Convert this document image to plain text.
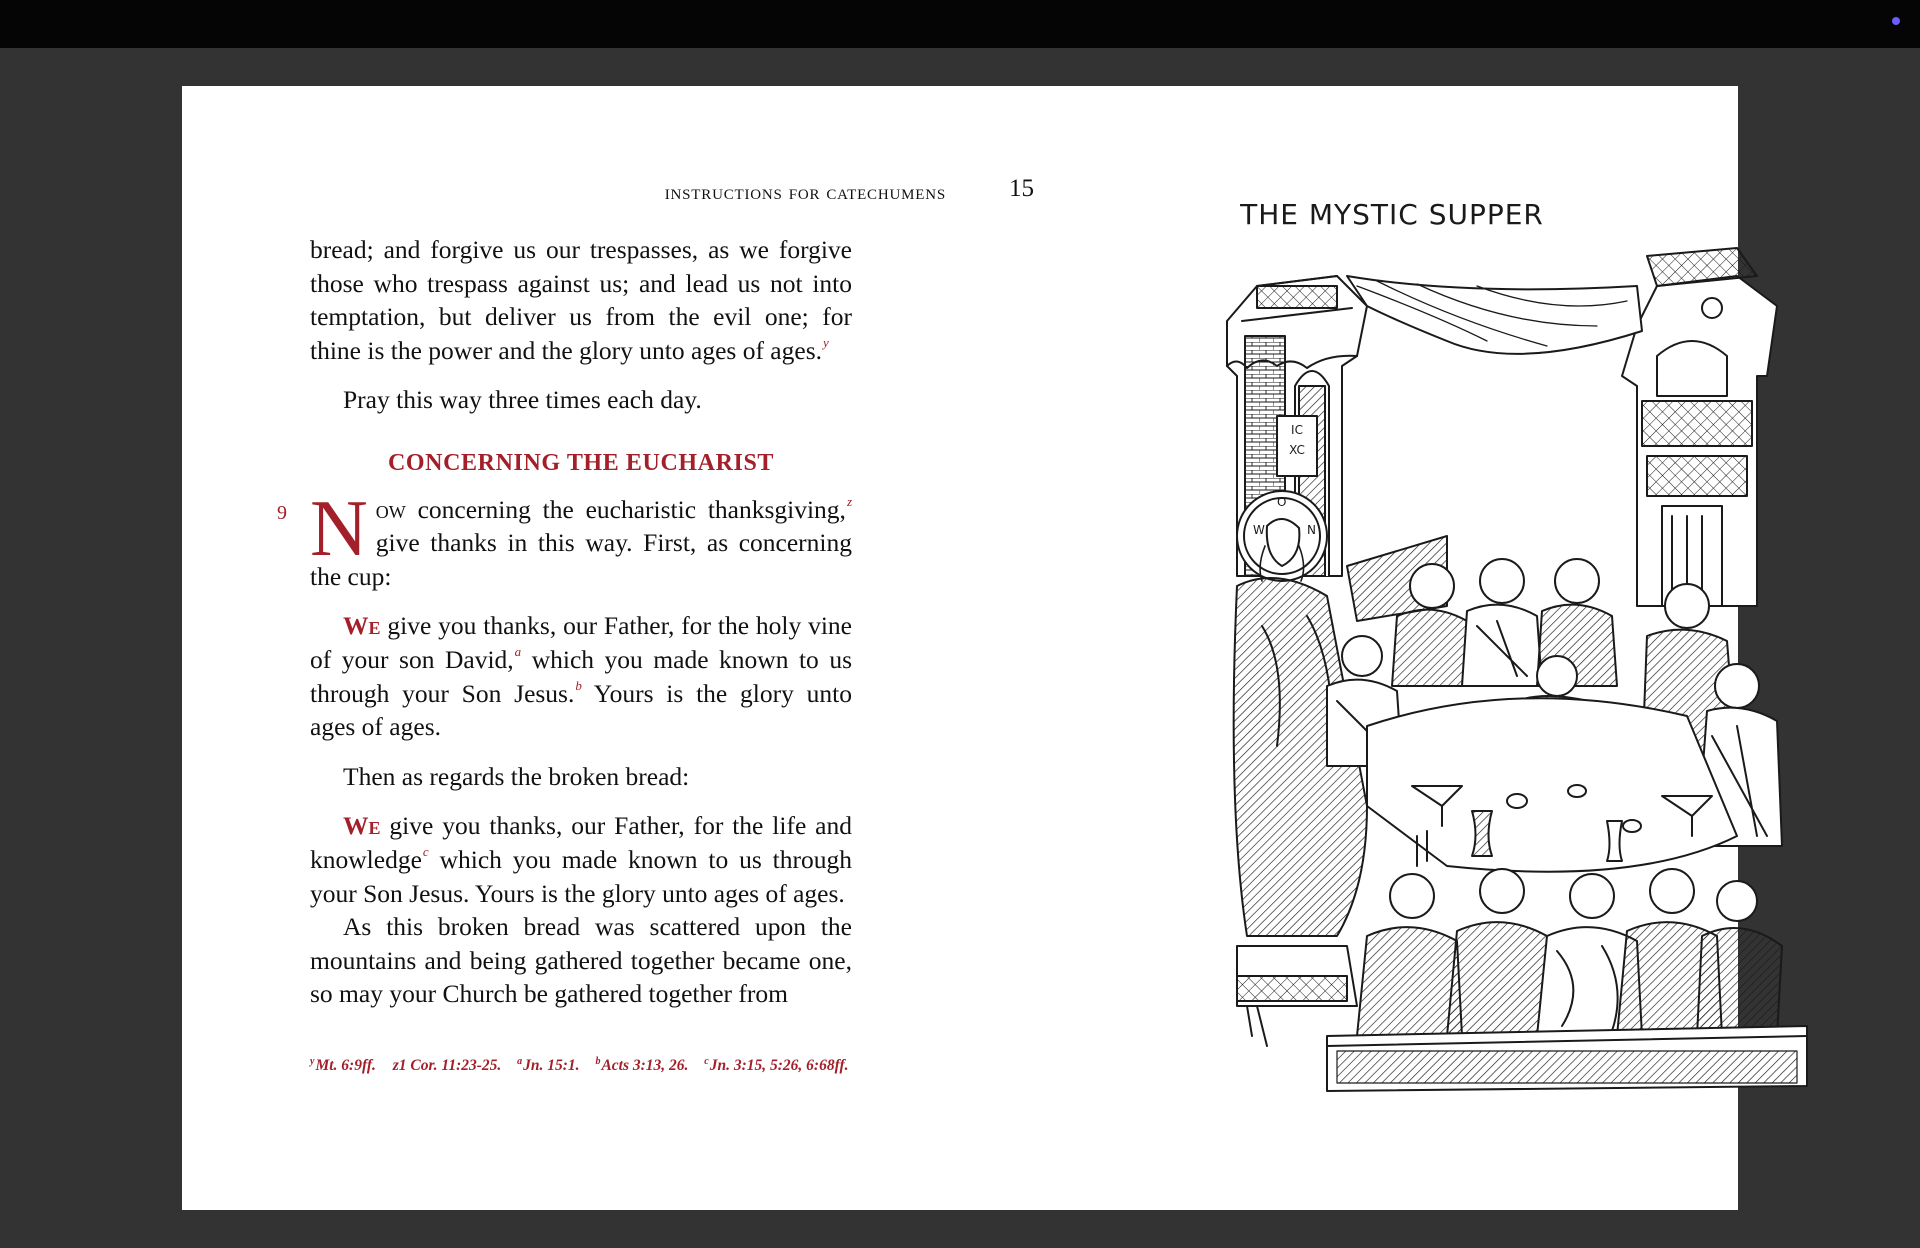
instructions for catechumens	15

bread; and forgive us our trespasses, as we forgive those who trespass against us; and lead us not into temptation, but deliver us from the evil one; for thine is the power and the glory unto ages of ages.$^y$

Pray this way three times each day.

CONCERNING THE EUCHARIST
9 Now concerning the eucharistic thanksgiving,$^z$ give thanks in this way. First, as concerning the cup:

We give you thanks, our Father, for the holy vine of your son David,$^a$ which you made known to us through your Son Jesus.$^b$ Yours is the glory unto ages of ages.

Then as regards the broken bread:

We give you thanks, our Father, for the life and knowledge$^c$ which you made known to us through your Son Jesus. Yours is the glory unto ages of ages.

As this broken bread was scattered upon the mountains and being gathered together became one, so may your Church be gathered together from

$^y$Mt. 6:9ff. z1 Cor. 11:23-25. $^a$Jn. 15:1. $^b$Acts 3:13, 26. $^c$Jn. 3:15, 5:26, 6:68ff.
THE MYSTIC SUPPER
IC
XC
W
O
N
